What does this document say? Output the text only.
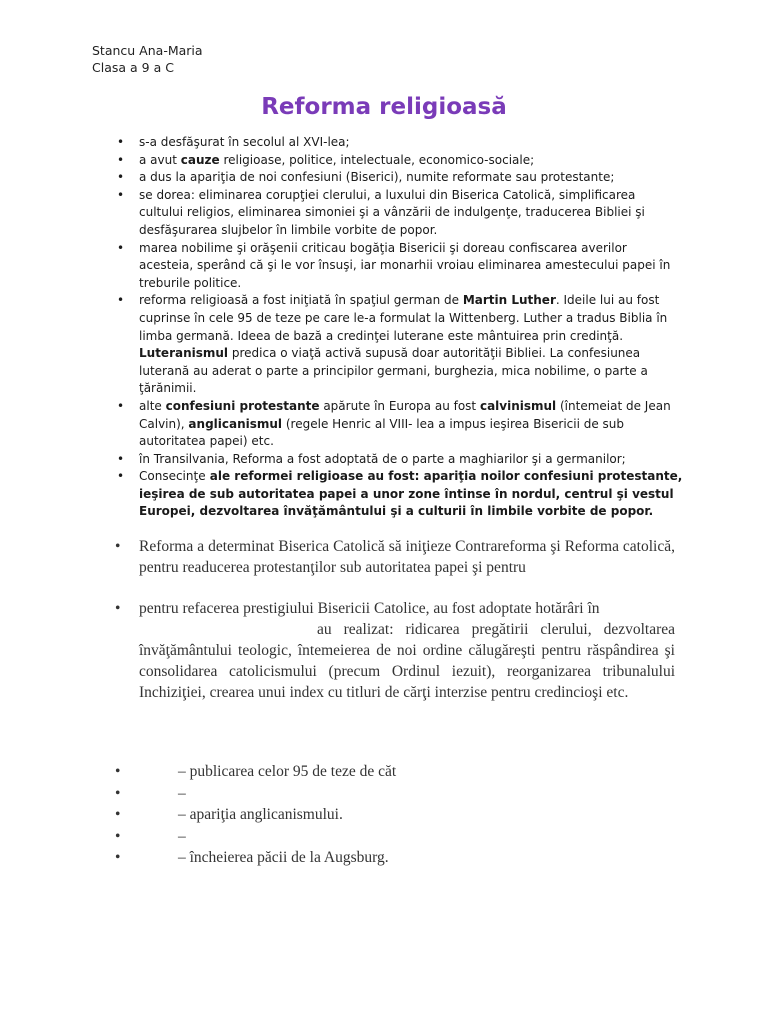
Stancu Ana-Maria
Clasa a 9 a C
Reforma religioasă
• s-a desfăşurat în secolul al XVI-lea;
• a avut cauze religioase, politice, intelectuale, economico-sociale;
• a dus la apariţia de noi confesiuni (Biserici), numite reformate sau protestante;
• se dorea: eliminarea corupţiei clerului, a luxului din Biserica Catolică, simplificarea cultului religios, eliminarea simoniei şi a vânzării de indulgenţe, traducerea Bibliei şi desfăşurarea slujbelor în limbile vorbite de popor.
• marea nobilime şi orăşenii criticau bogăţia Bisericii şi doreau confiscarea averilor acesteia, sperând că şi le vor însuşi, iar monarhii vroiau eliminarea amestecului papei în treburile politice.
• reforma religioasă a fost iniţiată în spaţiul german de Martin Luther. Ideile lui au fost cuprinse în cele 95 de teze pe care le-a formulat la Wittenberg. Luther a tradus Biblia în limba germană. Ideea de bază a credinţei luterane este mântuirea prin credinţă. Luteranismul predica o viaţă activă supusă doar autorităţii Bibliei. La confesiunea luterană au aderat o parte a principilor germani, burghezia, mica nobilime, o parte a ţărănimii.
• alte confesiuni protestante apărute în Europa au fost calvinismul (întemeiat de Jean Calvin), anglicanismul (regele Henric al VIII- lea a impus ieşirea Bisericii de sub autoritatea papei) etc.
• în Transilvania, Reforma a fost adoptată de o parte a maghiarilor şi a germanilor;
• Consecinţe ale reformei religioase au fost: apariţia noilor confesiuni protestante, ieşirea de sub autoritatea papei a unor zone întinse în nordul, centrul şi vestul Europei, dezvoltarea învăţământului şi a culturii în limbile vorbite de popor.
• Reforma a determinat Biserica Catolică să iniţieze Contrareforma şi Reforma catolică, pentru readucerea protestanţilor sub autoritatea papei şi pentru
• pentru refacerea prestigiului Bisericii Catolice, au fost adoptate hotărâri în
au realizat: ridicarea pregătirii clerului, dezvoltarea învăţământului teologic, întemeierea de noi ordine călugăreşti pentru răspândirea şi consolidarea catolicismului (precum Ordinul iezuit), reorganizarea tribunalului Inchiziţiei, crearea unui index cu titluri de cărţi interzise pentru credincioşi etc.
•	– publicarea celor 95 de teze de căt
•	–
•	– apariţia anglicanismului.
•	–
•	– încheierea păcii de la Augsburg.
